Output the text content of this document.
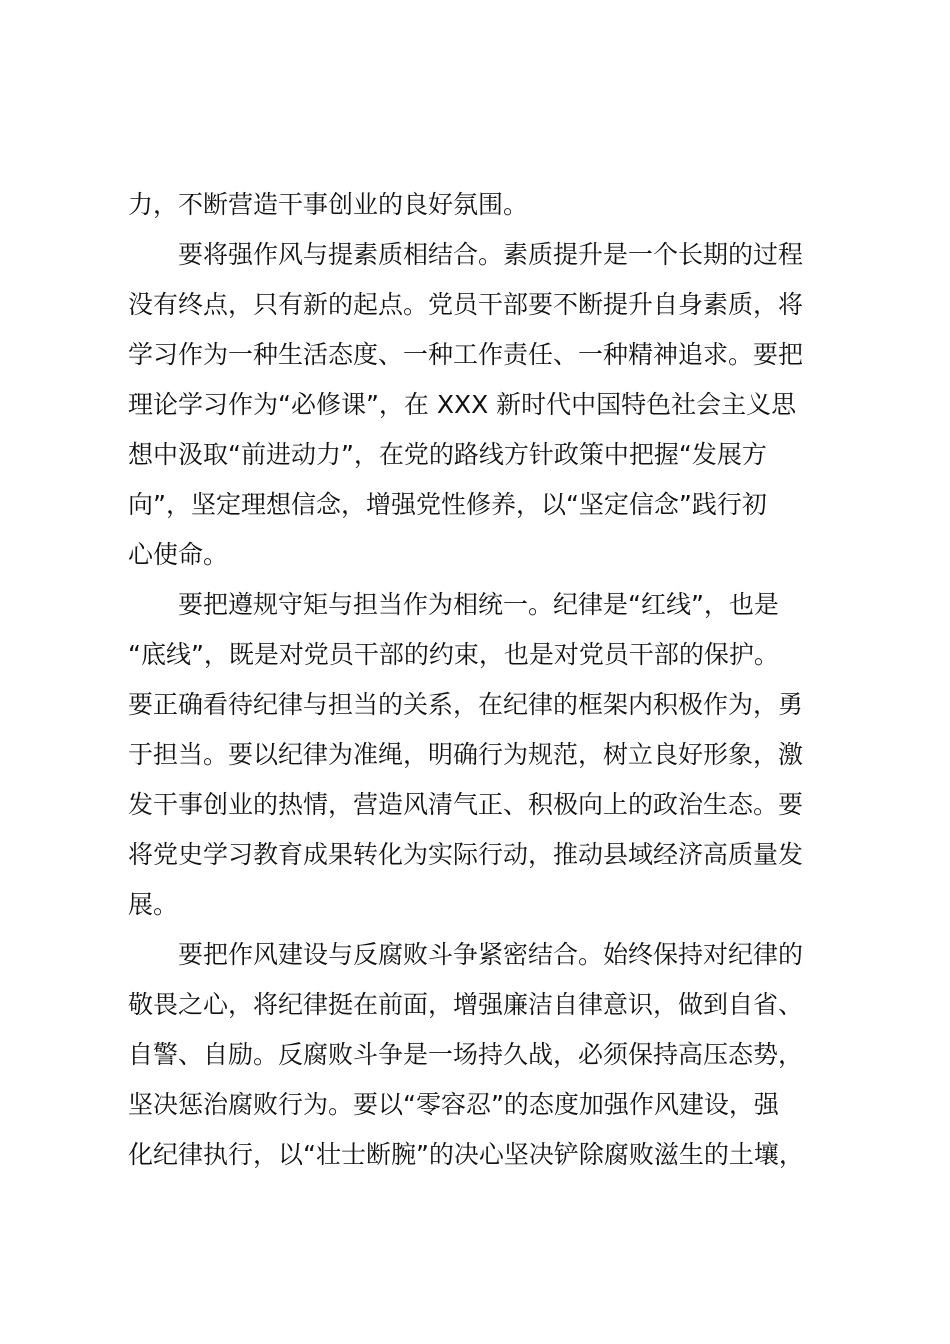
力，不断营造干事创业的良好氛围。
要将强作风与提素质相结合。素质提升是一个长期的过程
没有终点，只有新的起点。党员干部要不断提升自身素质，将
学习作为一种生活态度、一种工作责任、一种精神追求。要把
理论学习作为“必修课”，在 XXX 新时代中国特色社会主义思
想中汲取“前进动力”，在党的路线方针政策中把握“发展方
向”，坚定理想信念，增强党性修养，以“坚定信念”践行初
心使命。
要把遵规守矩与担当作为相统一。纪律是“红线”，也是
“底线”，既是对党员干部的约束，也是对党员干部的保护。
要正确看待纪律与担当的关系，在纪律的框架内积极作为，勇
于担当。要以纪律为准绳，明确行为规范，树立良好形象，激
发干事创业的热情，营造风清气正、积极向上的政治生态。要
将党史学习教育成果转化为实际行动，推动县域经济高质量发
展。
要把作风建设与反腐败斗争紧密结合。始终保持对纪律的
敬畏之心，将纪律挺在前面，增强廉洁自律意识，做到自省、
自警、自励。反腐败斗争是一场持久战，必须保持高压态势，
坚决惩治腐败行为。要以“零容忍”的态度加强作风建设，强
化纪律执行，以“壮士断腕”的决心坚决铲除腐败滋生的土壤，
